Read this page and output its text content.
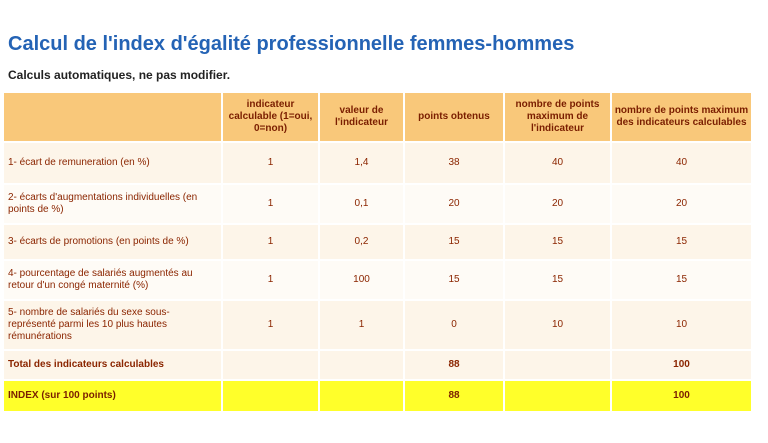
Calcul de l'index d'égalité professionnelle femmes-hommes
Calculs automatiques, ne pas modifier.
	indicateur calculable (1=oui, 0=non)	valeur de l'indicateur	points obtenus	nombre de points maximum de l'indicateur	nombre de points maximum des indicateurs calculables
1- écart de remuneration (en %)	1	1,4	38	40	40
2- écarts d'augmentations individuelles (en points de %)	1	0,1	20	20	20
3- écarts de promotions (en points de %)	1	0,2	15	15	15
4- pourcentage de salariés augmentés au retour d'un congé maternité (%)	1	100	15	15	15
5- nombre de salariés du sexe sous-représenté parmi les 10 plus hautes rémunérations	1	1	0	10	10
Total des indicateurs calculables			88		100
INDEX (sur 100 points)			88		100
